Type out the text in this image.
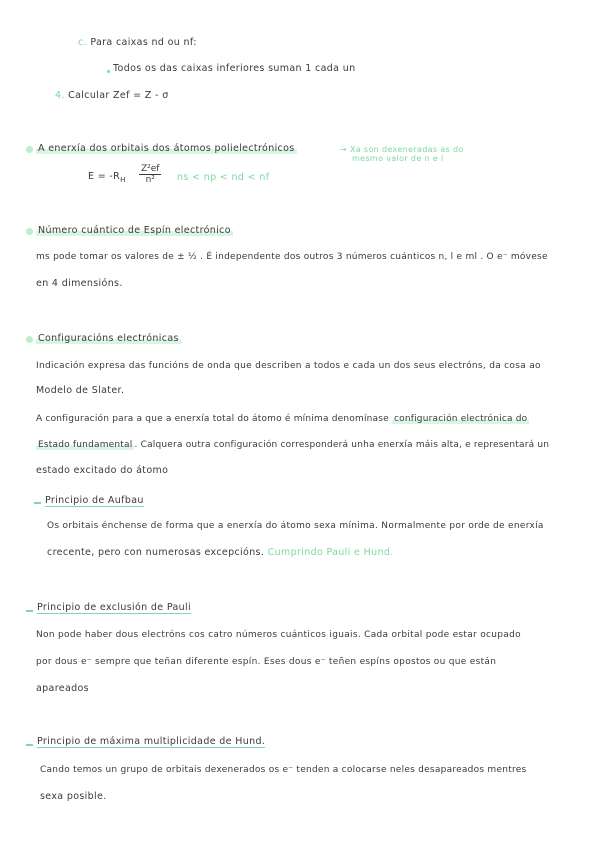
c. Para caixas nd ou nf:
Todos os das caixas inferiores suman 1 cada un
4. Calcular Zef = Z - σ
A enerxía dos orbitais dos átomos polielectrónicos	→ Xa son dexeneradas as do
mesmo valor de n e l
$E = -R_H \frac{\text{Z²ef}}{\text{n²}}$ ns < np < nd < nf
Número cuántico de Espín electrónico
ms pode tomar os valores de ± ½ . É independente dos outros 3 números cuánticos n, l e ml . O e⁻ móvese
en 4 dimensións.
Configuracións electrónicas
Indicación expresa das funcións de onda que describen a todos e cada un dos seus electróns, da cosa ao
Modelo de Slater.
A configuración para a que a enerxía total do átomo é mínima denomínase configuración electrónica do
Estado fundamental . Calquera outra configuración corresponderá unha enerxía máis alta, e representará un
estado excitado do átomo
Principio de Aufbau
Os orbitais énchense de forma que a enerxía do átomo sexa mínima. Normalmente por orde de enerxía
crecente, pero con numerosas excepcións. Cumprindo Pauli e Hund.
Principio de exclusión de Pauli
Non pode haber dous electróns cos catro números cuánticos iguais. Cada orbital pode estar ocupado
por dous e⁻ sempre que teñan diferente espín. Eses dous e⁻ teñen espíns opostos ou que están
apareados
Principio de máxima multiplicidade de Hund.
Cando temos un grupo de orbitais dexenerados os e⁻ tenden a colocarse neles desapareados mentres
sexa posible.
